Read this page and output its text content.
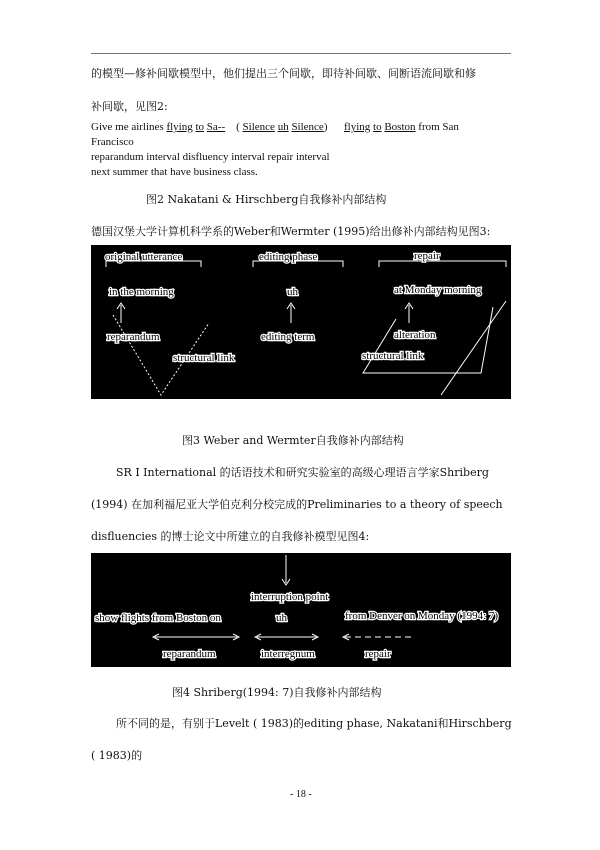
的模型—修补间歇模型中，他们提出三个间歇，即待补间歇、间断语流间歇和修
补间歇，见图2:
Give me airlines flying to Sa-- ( Silence uh Silence) flying to Boston from San
Francisco
reparandum interval disfluency interval repair interval
next summer that have business class.
图2 Nakatani & Hirschberg自我修补内部结构
德国汉堡大学计算机科学系的Weber和Wermter (1995)给出修补内部结构见图3:
original utterance	editing phase	repair
in the morning	uh	at Monday morning
reparandum	editing term	alteration
structural link	structural link
图3 Weber and Wermter自我修补内部结构
SR I International 的话语技术和研究实验室的高级心理语言学家Shriberg
(1994) 在加利福尼亚大学伯克利分校完成的Preliminaries to a theory of speech
disfluencies 的博士论文中所建立的自我修补模型见图4:
interruption point
show flights from Boston on	uh	from Denver on Monday (1994: 7)
reparandum	interregnum	repair
图4 Shriberg(1994: 7)自我修补内部结构
所不同的是，有别于Levelt ( 1983)的editing phase, Nakatani和Hirschberg
( 1983)的
- 18 -
